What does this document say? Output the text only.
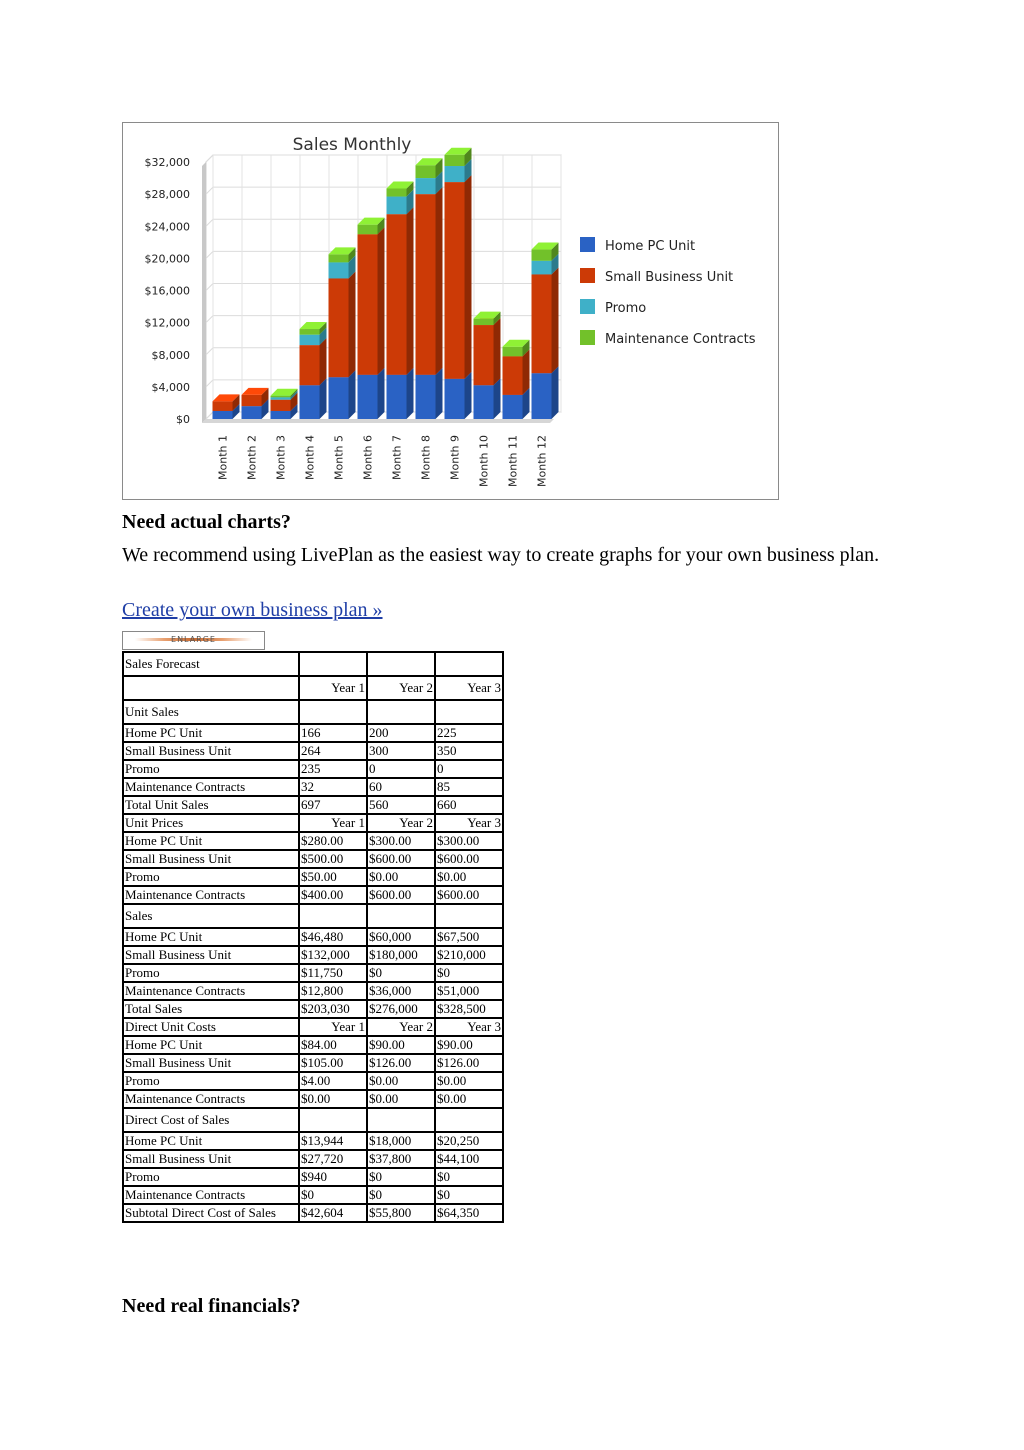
Sales Monthly
$0
$4,000
$8,000
$12,000
$16,000
$20,000
$24,000
$28,000
$32,000
Month 1 Month 2 Month 3 Month 4 Month 5 Month 6 Month 7 Month 8 Month 9 Month 10 Month 11 Month 12
Home PC Unit
Small Business Unit
Promo
Maintenance Contracts
Need actual charts?

We recommend using LivePlan as the easiest way to create graphs for your own business plan.

Create your own business plan »
ENLARGE
Sales Forecast			
	Year 1	Year 2	Year 3
Unit Sales			
Home PC Unit	166	200	225
Small Business Unit	264	300	350
Promo	235	0	0
Maintenance Contracts	32	60	85
Total Unit Sales	697	560	660
Unit Prices	Year 1	Year 2	Year 3
Home PC Unit	$280.00	$300.00	$300.00
Small Business Unit	$500.00	$600.00	$600.00
Promo	$50.00	$0.00	$0.00
Maintenance Contracts	$400.00	$600.00	$600.00
Sales			
Home PC Unit	$46,480	$60,000	$67,500
Small Business Unit	$132,000	$180,000	$210,000
Promo	$11,750	$0	$0
Maintenance Contracts	$12,800	$36,000	$51,000
Total Sales	$203,030	$276,000	$328,500
Direct Unit Costs	Year 1	Year 2	Year 3
Home PC Unit	$84.00	$90.00	$90.00
Small Business Unit	$105.00	$126.00	$126.00
Promo	$4.00	$0.00	$0.00
Maintenance Contracts	$0.00	$0.00	$0.00
Direct Cost of Sales			
Home PC Unit	$13,944	$18,000	$20,250
Small Business Unit	$27,720	$37,800	$44,100
Promo	$940	$0	$0
Maintenance Contracts	$0	$0	$0
Subtotal Direct Cost of Sales	$42,604	$55,800	$64,350
Need real financials?
